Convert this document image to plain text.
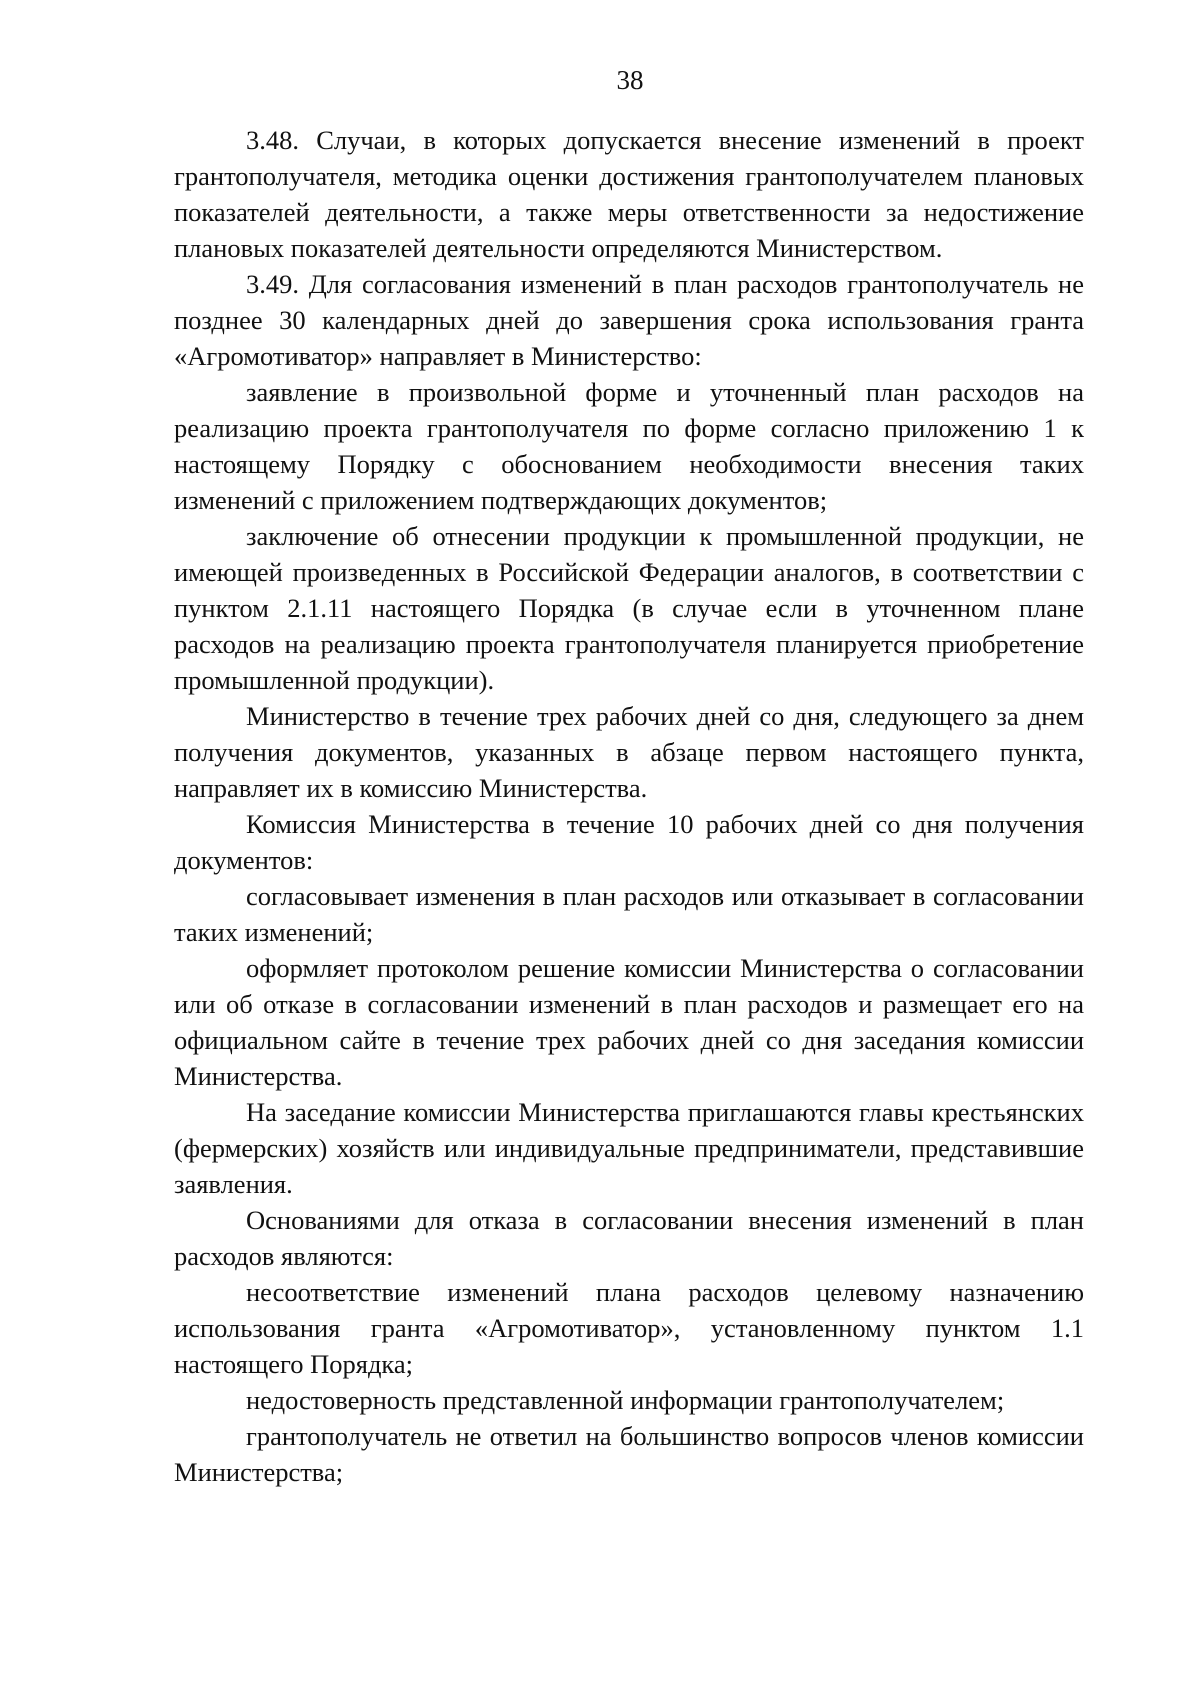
38

3.48. Случаи, в которых допускается внесение изменений в проект грантополучателя, методика оценки достижения грантополучателем плановых показателей деятельности, а также меры ответственности за недостижение плановых показателей деятельности определяются Министерством.

3.49. Для согласования изменений в план расходов грантополучатель не позднее 30 календарных дней до завершения срока использования гранта «Агромотиватор» направляет в Министерство:

заявление в произвольной форме и уточненный план расходов на реализацию проекта грантополучателя по форме согласно приложению 1 к настоящему Порядку с обоснованием необходимости внесения таких изменений с приложением подтверждающих документов;

заключение об отнесении продукции к промышленной продукции, не имеющей произведенных в Российской Федерации аналогов, в соответствии с пунктом 2.1.11 настоящего Порядка (в случае если в уточненном плане расходов на реализацию проекта грантополучателя планируется приобретение промышленной продукции).

Министерство в течение трех рабочих дней со дня, следующего за днем получения документов, указанных в абзаце первом настоящего пункта, направляет их в комиссию Министерства.

Комиссия Министерства в течение 10 рабочих дней со дня получения документов:

согласовывает изменения в план расходов или отказывает в согласовании таких изменений;

оформляет протоколом решение комиссии Министерства о согласовании или об отказе в согласовании изменений в план расходов и размещает его на официальном сайте в течение трех рабочих дней со дня заседания комиссии Министерства.

На заседание комиссии Министерства приглашаются главы крестьянских (фермерских) хозяйств или индивидуальные предприниматели, представившие заявления.

Основаниями для отказа в согласовании внесения изменений в план расходов являются:

несоответствие изменений плана расходов целевому назначению использования гранта «Агромотиватор», установленному пунктом 1.1 настоящего Порядка;

недостоверность представленной информации грантополучателем;

грантополучатель не ответил на большинство вопросов членов комиссии Министерства;
